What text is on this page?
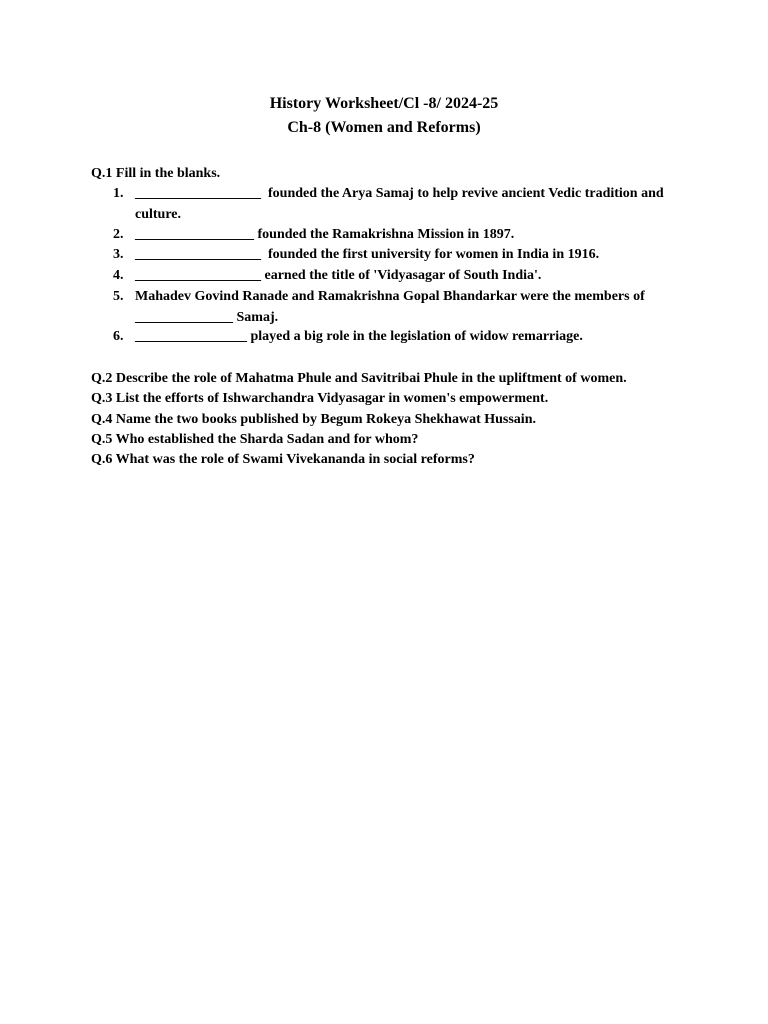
History Worksheet/Cl -8/ 2024-25
Ch-8 (Women and Reforms)
Q.1 Fill in the blanks.
1. __________________  founded the Arya Samaj to help revive ancient Vedic tradition and culture.
2. _________________ founded the Ramakrishna Mission in 1897.
3. __________________  founded the first university for women in India in 1916.
4. __________________ earned the title of 'Vidyasagar of South India'.
5. Mahadev Govind Ranade and Ramakrishna Gopal Bhandarkar were the members of ______________ Samaj.
6. ________________ played a big role in the legislation of widow remarriage.
Q.2 Describe the role of Mahatma Phule and Savitribai Phule in the upliftment of women.
Q.3 List the efforts of Ishwarchandra Vidyasagar in women's empowerment.
Q.4 Name the two books published by Begum Rokeya Shekhawat Hussain.
Q.5 Who established the Sharda Sadan and for whom?
Q.6 What was the role of Swami Vivekananda in social reforms?
